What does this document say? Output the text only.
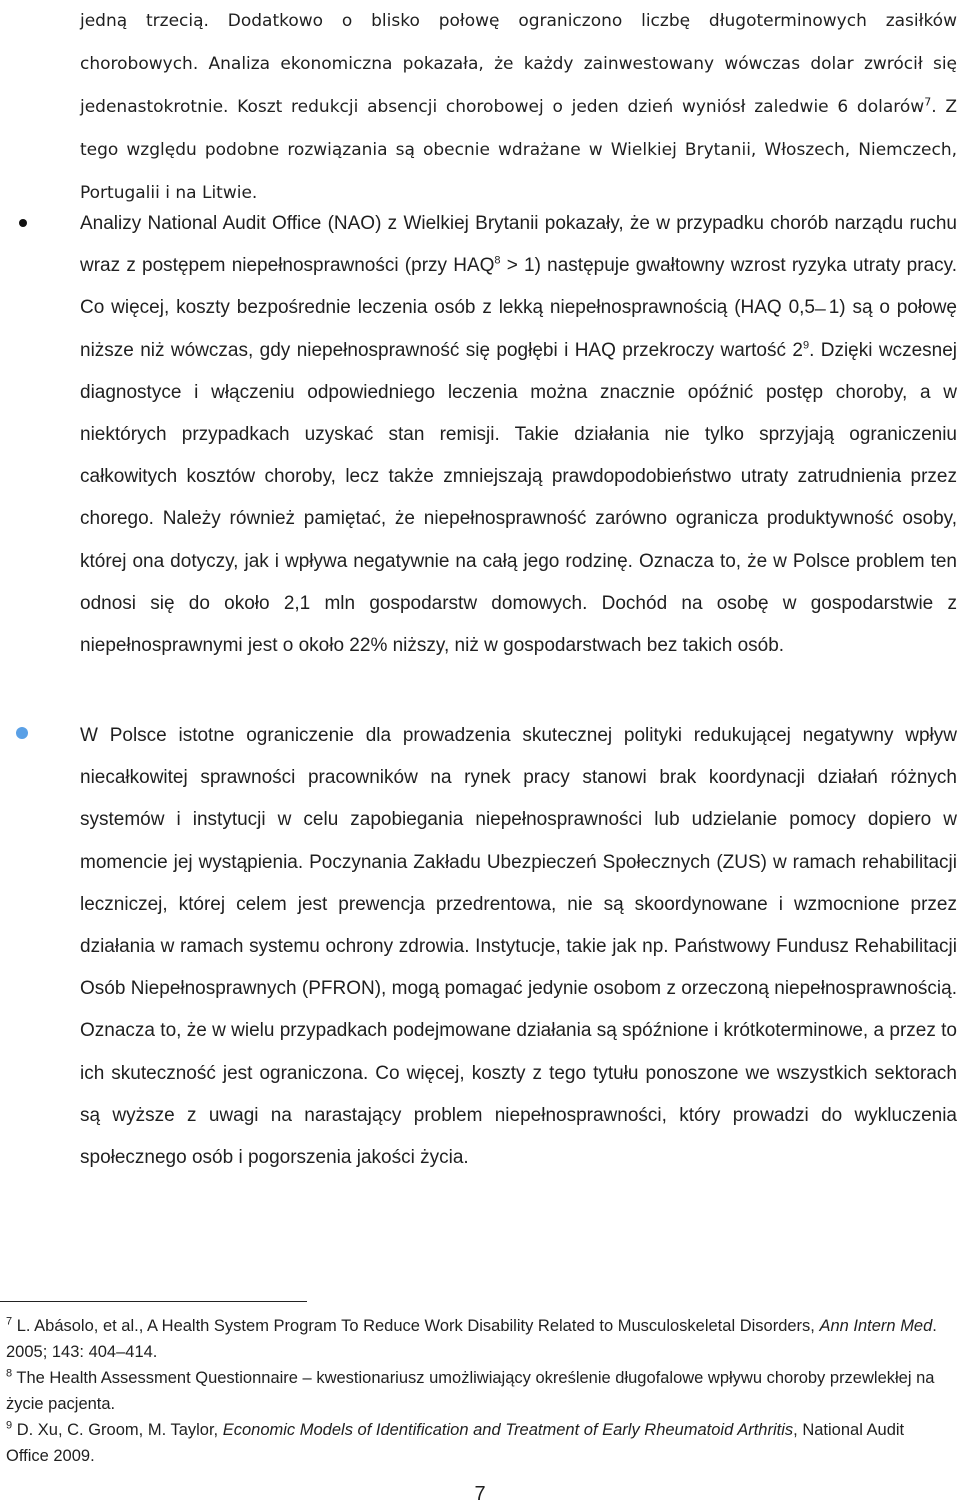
jedną trzecią. Dodatkowo o blisko połowę ograniczono liczbę długoterminowych zasiłków chorobowych. Analiza ekonomiczna pokazała, że każdy zainwestowany wówczas dolar zwrócił się jedenastokrotnie. Koszt redukcji absencji chorobowej o jeden dzień wyniósł zaledwie 6 dolarów$^7$. Z tego względu podobne rozwiązania są obecnie wdrażane w Wielkiej Brytanii, Włoszech, Niemczech, Portugalii i na Litwie.

Analizy National Audit Office (NAO) z Wielkiej Brytanii pokazały, że w przypadku chorób narządu ruchu wraz z postępem niepełnosprawności (przy $HAQ^8 > 1$) następuje gwałtowny wzrost ryzyka utraty pracy. Co więcej, koszty bezpośrednie leczenia osób z lekką niepełnosprawnością (HAQ 0,5 ̶ 1) są o połowę niższe niż wówczas, gdy niepełnosprawność się pogłębi i HAQ przekroczy wartość $2^9$. Dzięki wczesnej diagnostyce i włączeniu odpowiedniego leczenia można znacznie opóźnić postęp choroby, a w niektórych przypadkach uzyskać stan remisji. Takie działania nie tylko sprzyjają ograniczeniu całkowitych kosztów choroby, lecz także zmniejszają prawdopodobieństwo utraty zatrudnienia przez chorego. Należy również pamiętać, że niepełnosprawność zarówno ogranicza produktywność osoby, której ona dotyczy, jak i wpływa negatywnie na całą jego rodzinę. Oznacza to, że w Polsce problem ten odnosi się do około 2,1 mln gospodarstw domowych. Dochód na osobę w gospodarstwie z niepełnosprawnymi jest o około 22% niższy, niż w gospodarstwach bez takich osób.

W Polsce istotne ograniczenie dla prowadzenia skutecznej polityki redukującej negatywny wpływ niecałkowitej sprawności pracowników na rynek pracy stanowi brak koordynacji działań różnych systemów i instytucji w celu zapobiegania niepełnosprawności lub udzielanie pomocy dopiero w momencie jej wystąpienia. Poczynania Zakładu Ubezpieczeń Społecznych (ZUS) w ramach rehabilitacji leczniczej, której celem jest prewencja przedrentowa, nie są skoordynowane i wzmocnione przez działania w ramach systemu ochrony zdrowia. Instytucje, takie jak np. Państwowy Fundusz Rehabilitacji Osób Niepełnosprawnych (PFRON), mogą pomagać jedynie osobom z orzeczoną niepełnosprawnością. Oznacza to, że w wielu przypadkach podejmowane działania są spóźnione i krótkoterminowe, a przez to ich skuteczność jest ograniczona. Co więcej, koszty z tego tytułu ponoszone we wszystkich sektorach są wyższe z uwagi na narastający problem niepełnosprawności, który prowadzi do wykluczenia społecznego osób i pogorszenia jakości życia.

$^7$ L. Abásolo, et al., A Health System Program To Reduce Work Disability Related to Musculoskeletal Disorders, Ann Intern Med. 2005; 143: 404–414.

$^8$ The Health Assessment Questionnaire – kwestionariusz umożliwiający określenie długofalowe wpływu choroby przewlekłej na życie pacjenta.

$^9$ D. Xu, C. Groom, M. Taylor, Economic Models of Identification and Treatment of Early Rheumatoid Arthritis, National Audit Office 2009.

7
